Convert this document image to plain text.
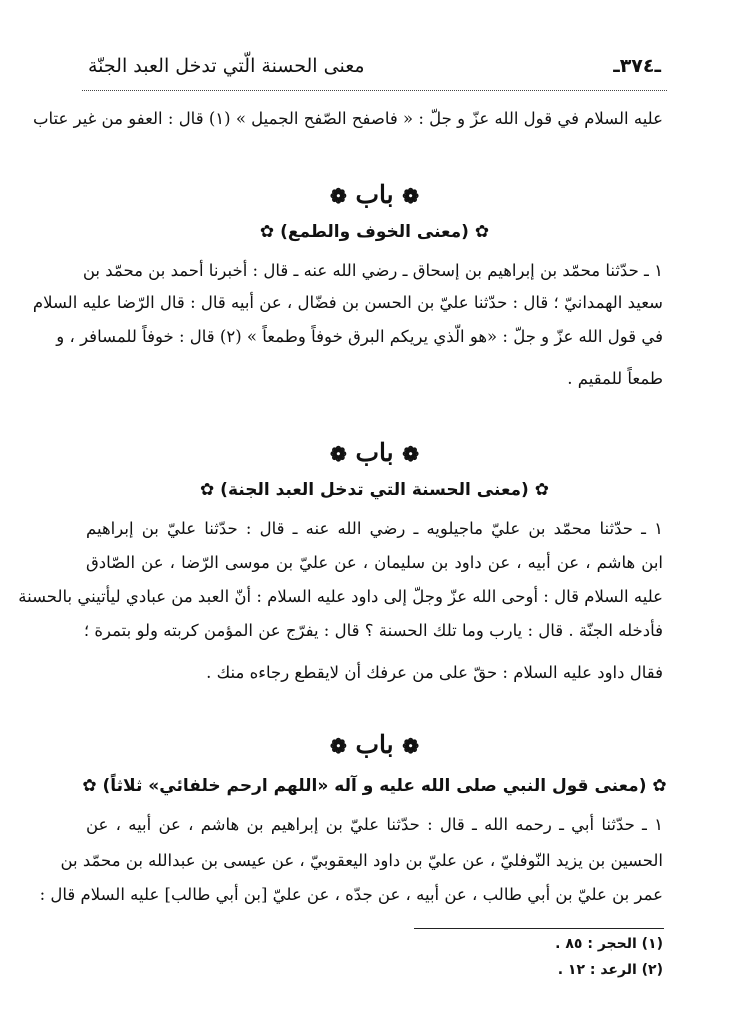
ـ٣٧٤ـ
معنى الحسنة الّتي تدخل العبد الجنّة
عليه السلام في قول الله عزّ و جلّ : « فاصفح الصّفح الجميل » (١) قال : العفو من غير عتاب
❁ باب ❁
✿ (معنى الخوف والطمع) ✿
١ ـ حدّثنا محمّد بن إبراهيم بن إسحاق ـ رضي الله عنه ـ قال : أخبرنا أحمد بن محمّد بن
سعيد الهمدانيّ ؛ قال : حدّثنا عليّ بن الحسن بن فضّال ، عن أبيه قال : قال الرّضا عليه السلام
في قول الله عزّ و جلّ : «هو الّذي يريكم البرق خوفاً وطمعاً » (٢) قال : خوفاً للمسافر ، و
طمعاً للمقيم .
❁ باب ❁
✿ (معنى الحسنة التي تدخل العبد الجنة) ✿
١ ـ حدّثنا محمّد بن عليّ ماجيلويه ـ رضي الله عنه ـ قال : حدّثنا عليّ بن إبراهيم
ابن هاشم ، عن أبيه ، عن داود بن سليمان ، عن عليّ بن موسى الرّضا ، عن الصّادق
عليه السلام قال : أوحى الله عزّ وجلّ إلى داود عليه السلام : أنّ العبد من عبادي ليأتيني بالحسنة
فأدخله الجنّة . قال : يارب وما تلك الحسنة ؟ قال : يفرّج عن المؤمن كربته ولو بتمرة ؛
فقال داود عليه السلام : حقّ على من عرفك أن لايقطع رجاءه منك .
❁ باب ❁
✿ (معنى قول النبي صلى الله عليه و آله «اللهم ارحم خلفائي» ثلاثاً) ✿
١ ـ حدّثنا أبي ـ رحمه الله ـ قال : حدّثنا عليّ بن إبراهيم بن هاشم ، عن أبيه ، عن
الحسين بن يزيد النّوفليّ ، عن عليّ بن داود اليعقوبيّ ، عن عيسى بن عبدالله بن محمّد بن
عمر بن عليّ بن أبي طالب ، عن أبيه ، عن جدّه ، عن عليّ [بن أبي طالب] عليه السلام قال :
(١) الحجر : ٨٥ .
(٢) الرعد : ١٢ .
